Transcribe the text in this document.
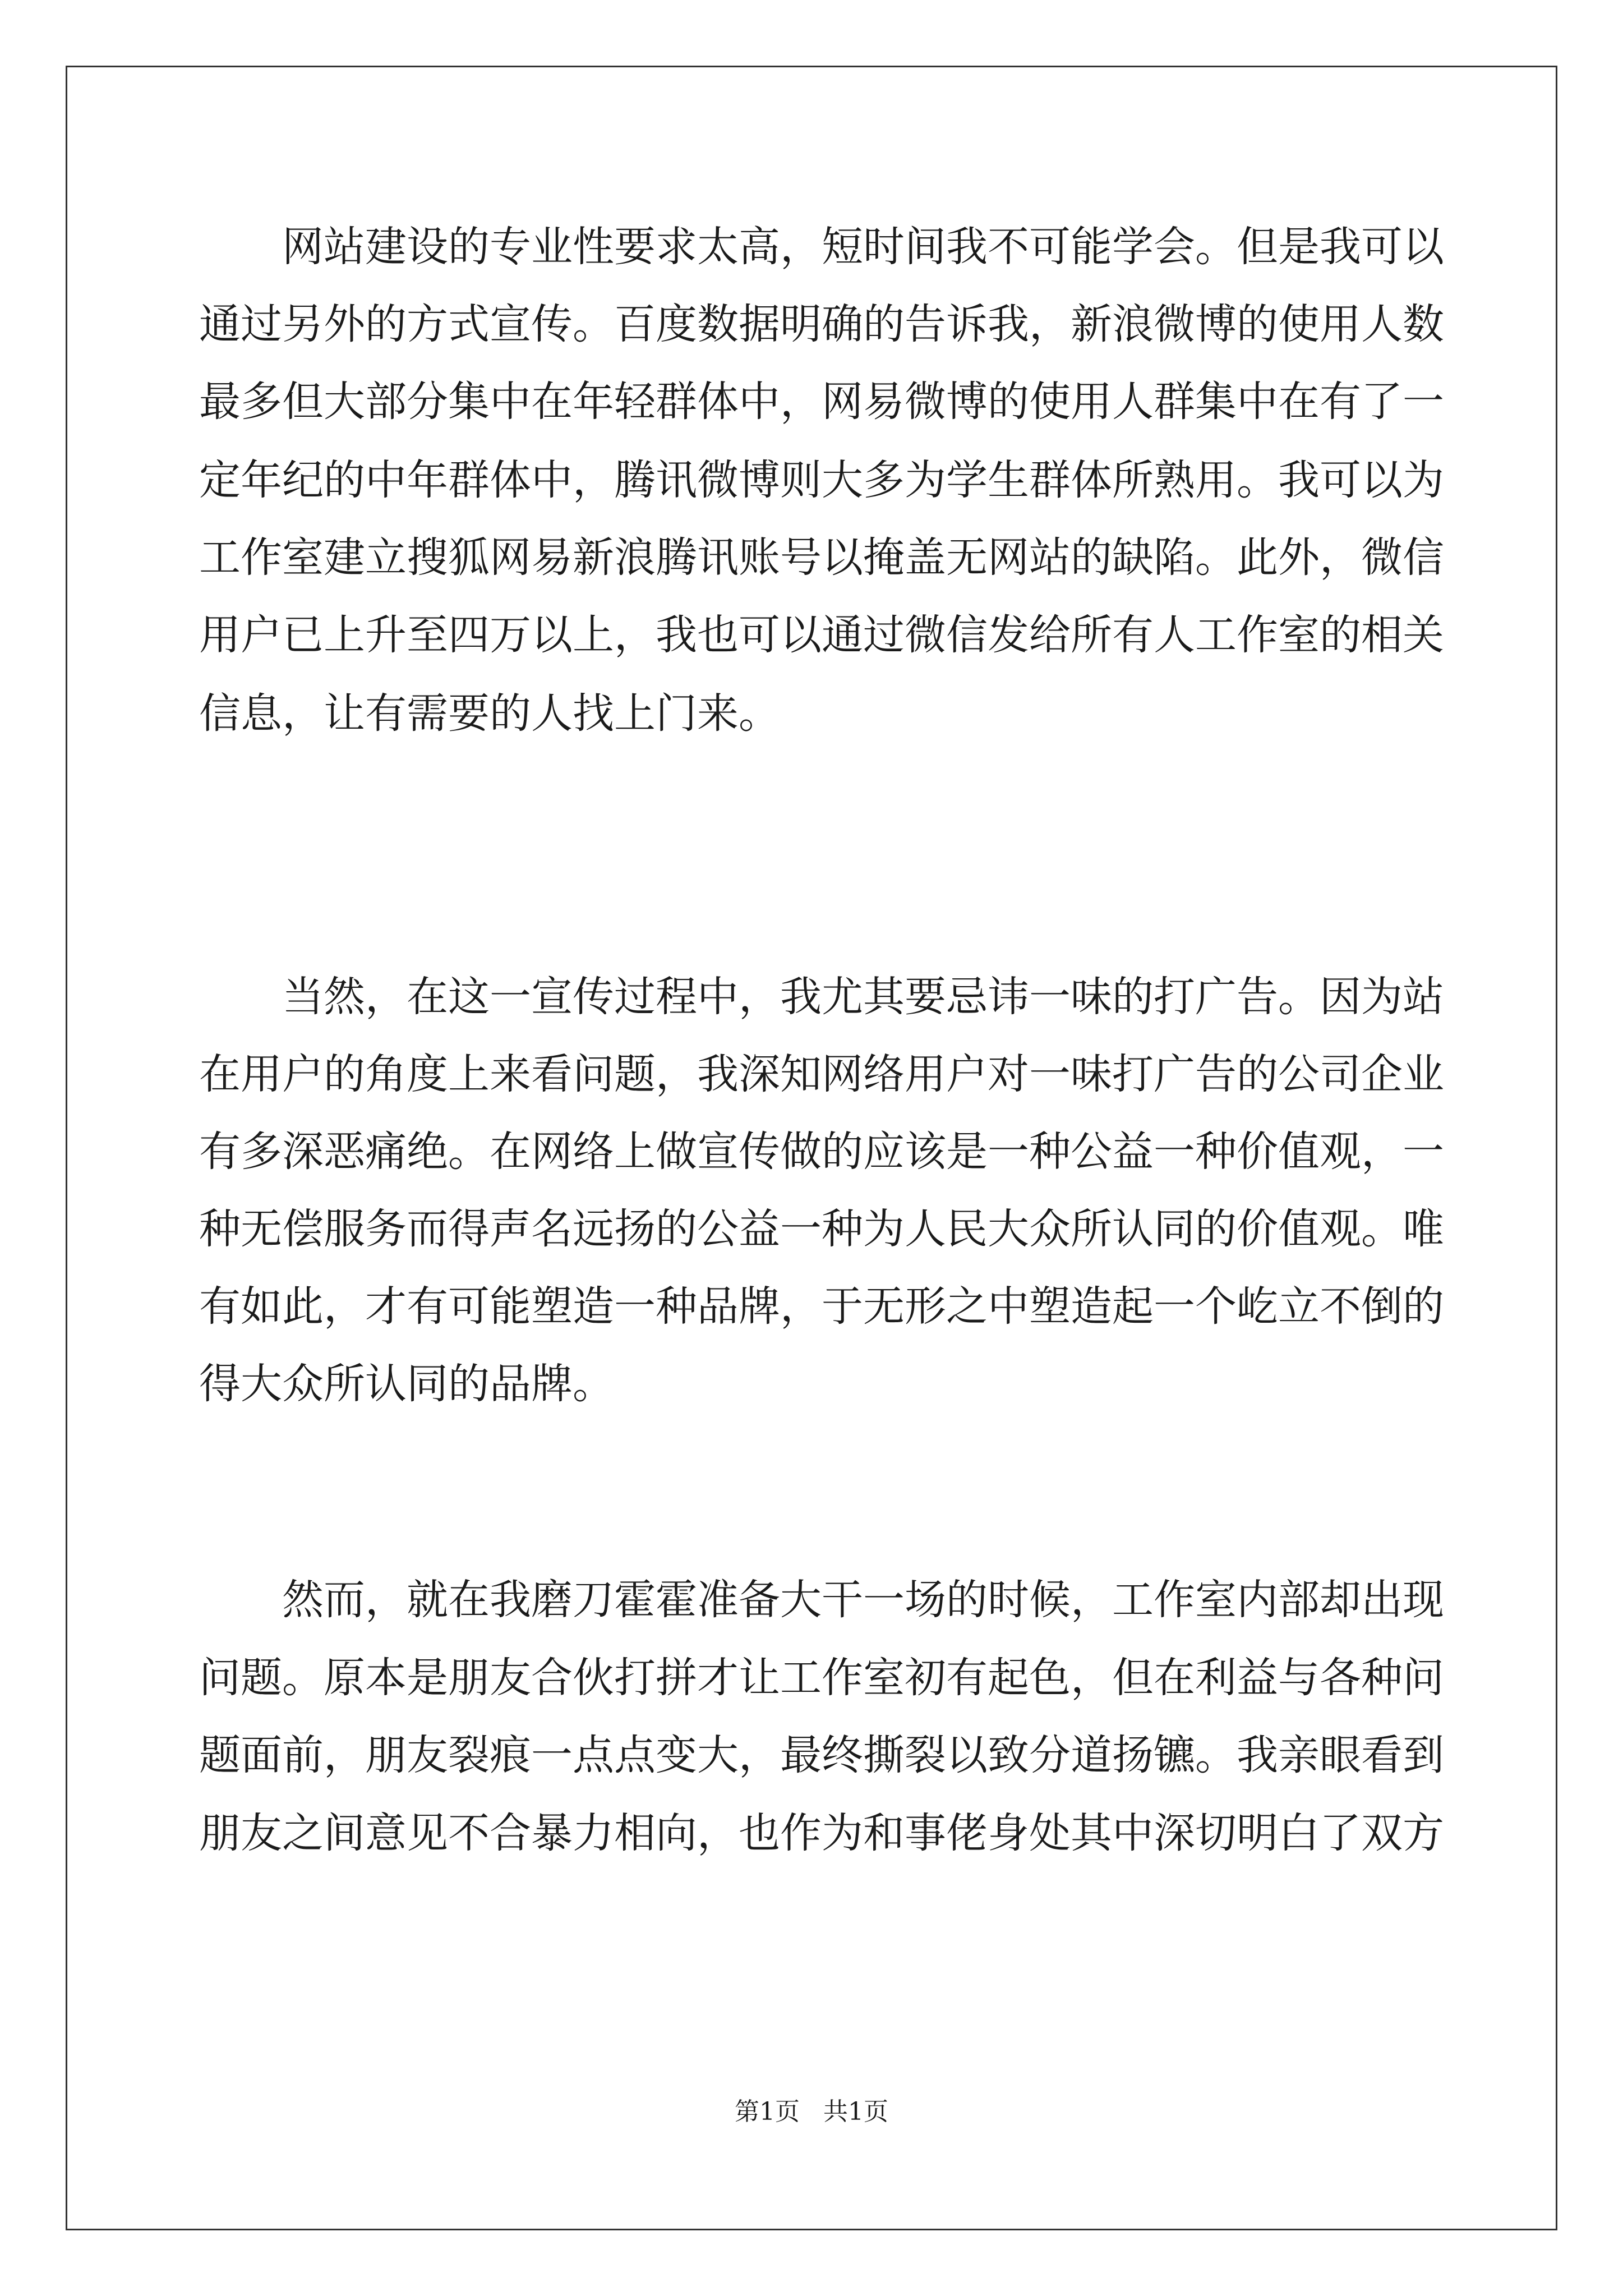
网站建设的专业性要求太高，短时间我不可能学会。但是我可以
通过另外的方式宣传。百度数据明确的告诉我，新浪微博的使用人数
最多但大部分集中在年轻群体中，网易微博的使用人群集中在有了一
定年纪的中年群体中，腾讯微博则大多为学生群体所熟用。我可以为
工作室建立搜狐网易新浪腾讯账号以掩盖无网站的缺陷。此外，微信
用户已上升至四万以上，我也可以通过微信发给所有人工作室的相关
信息，让有需要的人找上门来。
当然，在这一宣传过程中，我尤其要忌讳一味的打广告。因为站
在用户的角度上来看问题，我深知网络用户对一味打广告的公司企业
有多深恶痛绝。在网络上做宣传做的应该是一种公益一种价值观，一
种无偿服务而得声名远扬的公益一种为人民大众所认同的价值观。唯
有如此，才有可能塑造一种品牌，于无形之中塑造起一个屹立不倒的
得大众所认同的品牌。
然而，就在我磨刀霍霍准备大干一场的时候，工作室内部却出现
问题。原本是朋友合伙打拼才让工作室初有起色，但在利益与各种问
题面前，朋友裂痕一点点变大，最终撕裂以致分道扬镳。我亲眼看到
朋友之间意见不合暴力相向，也作为和事佬身处其中深切明白了双方
第1页 共1页
